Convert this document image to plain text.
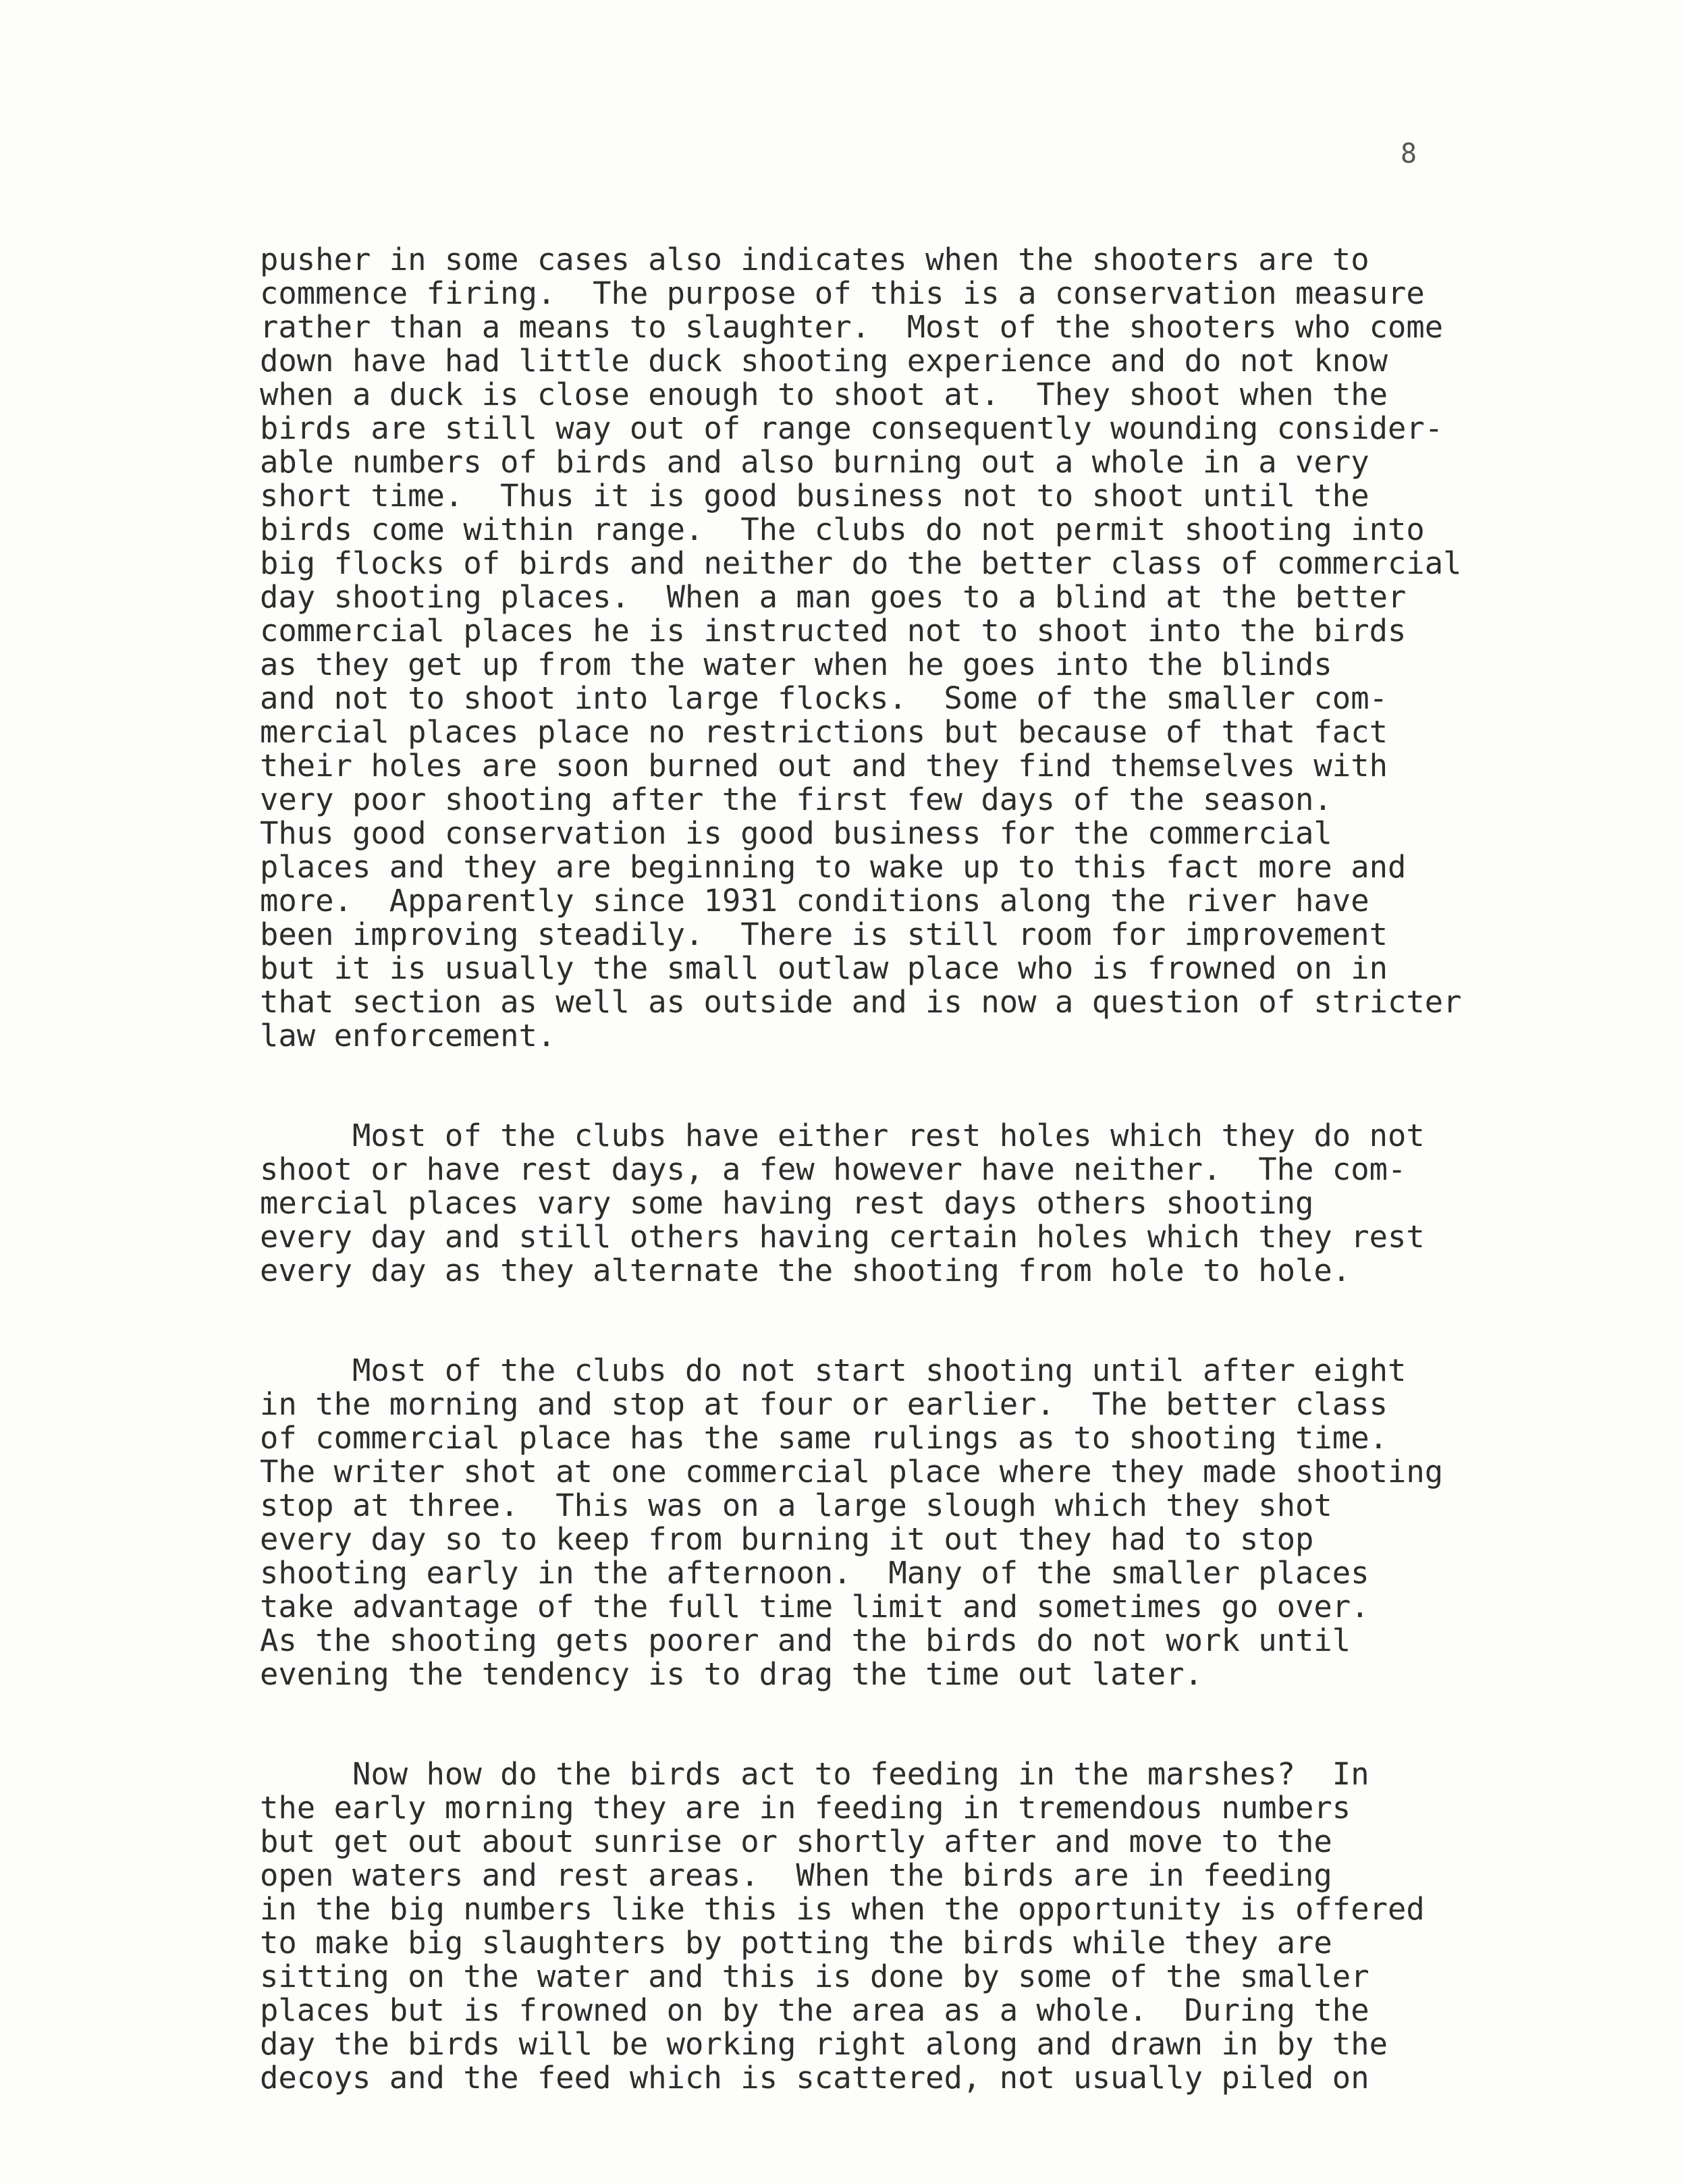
8
pusher in some cases also indicates when the shooters are to
commence firing.  The purpose of this is a conservation measure
rather than a means to slaughter.  Most of the shooters who come
down have had little duck shooting experience and do not know
when a duck is close enough to shoot at.  They shoot when the
birds are still way out of range consequently wounding consider-
able numbers of birds and also burning out a whole in a very
short time.  Thus it is good business not to shoot until the
birds come within range.  The clubs do not permit shooting into
big flocks of birds and neither do the better class of commercial
day shooting places.  When a man goes to a blind at the better
commercial places he is instructed not to shoot into the birds
as they get up from the water when he goes into the blinds
and not to shoot into large flocks.  Some of the smaller com-
mercial places place no restrictions but because of that fact
their holes are soon burned out and they find themselves with
very poor shooting after the first few days of the season.
Thus good conservation is good business for the commercial
places and they are beginning to wake up to this fact more and
more.  Apparently since 1931 conditions along the river have
been improving steadily.  There is still room for improvement
but it is usually the small outlaw place who is frowned on in
that section as well as outside and is now a question of stricter
law enforcement.
Most of the clubs have either rest holes which they do not
shoot or have rest days, a few however have neither.  The com-
mercial places vary some having rest days others shooting
every day and still others having certain holes which they rest
every day as they alternate the shooting from hole to hole.
Most of the clubs do not start shooting until after eight
in the morning and stop at four or earlier.  The better class
of commercial place has the same rulings as to shooting time.
The writer shot at one commercial place where they made shooting
stop at three.  This was on a large slough which they shot
every day so to keep from burning it out they had to stop
shooting early in the afternoon.  Many of the smaller places
take advantage of the full time limit and sometimes go over.
As the shooting gets poorer and the birds do not work until
evening the tendency is to drag the time out later.
Now how do the birds act to feeding in the marshes?  In
the early morning they are in feeding in tremendous numbers
but get out about sunrise or shortly after and move to the
open waters and rest areas.  When the birds are in feeding
in the big numbers like this is when the opportunity is offered
to make big slaughters by potting the birds while they are
sitting on the water and this is done by some of the smaller
places but is frowned on by the area as a whole.  During the
day the birds will be working right along and drawn in by the
decoys and the feed which is scattered, not usually piled on
